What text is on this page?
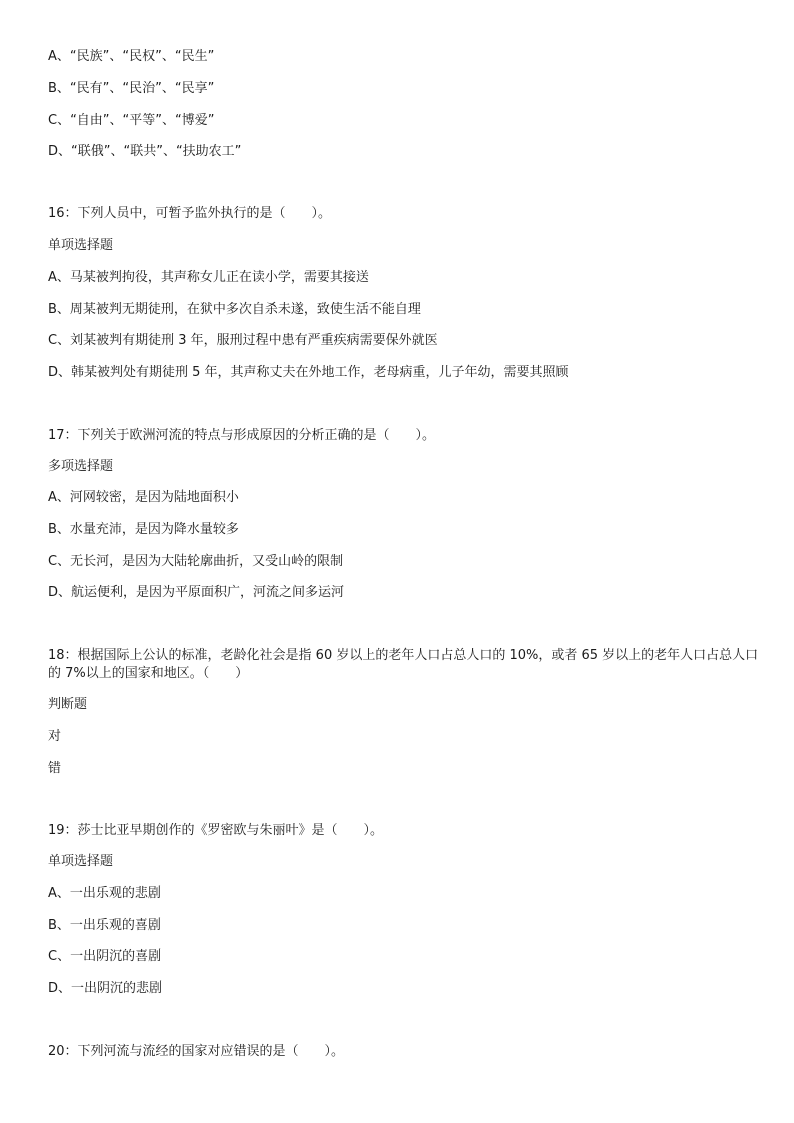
A、“民族”、“民权”、“民生”
B、“民有”、“民治”、“民享”
C、“自由”、“平等”、“博爱”
D、“联俄”、“联共”、“扶助农工”
16：下列人员中，可暂予监外执行的是（　　）。
单项选择题
A、马某被判拘役，其声称女儿正在读小学，需要其接送
B、周某被判无期徒刑，在狱中多次自杀未遂，致使生活不能自理
C、刘某被判有期徒刑 3 年，服刑过程中患有严重疾病需要保外就医
D、韩某被判处有期徒刑 5 年，其声称丈夫在外地工作，老母病重，儿子年幼，需要其照顾
17：下列关于欧洲河流的特点与形成原因的分析正确的是（　　）。
多项选择题
A、河网较密，是因为陆地面积小
B、水量充沛，是因为降水量较多
C、无长河，是因为大陆轮廓曲折，又受山岭的限制
D、航运便利，是因为平原面积广，河流之间多运河
18：根据国际上公认的标准，老龄化社会是指 60 岁以上的老年人口占总人口的 10%，或者 65 岁以上的老年人口占总人口的 7%以上的国家和地区。（　　）
判断题
对
错
19：莎士比亚早期创作的《罗密欧与朱丽叶》是（　　）。
单项选择题
A、一出乐观的悲剧
B、一出乐观的喜剧
C、一出阴沉的喜剧
D、一出阴沉的悲剧
20：下列河流与流经的国家对应错误的是（　　）。
